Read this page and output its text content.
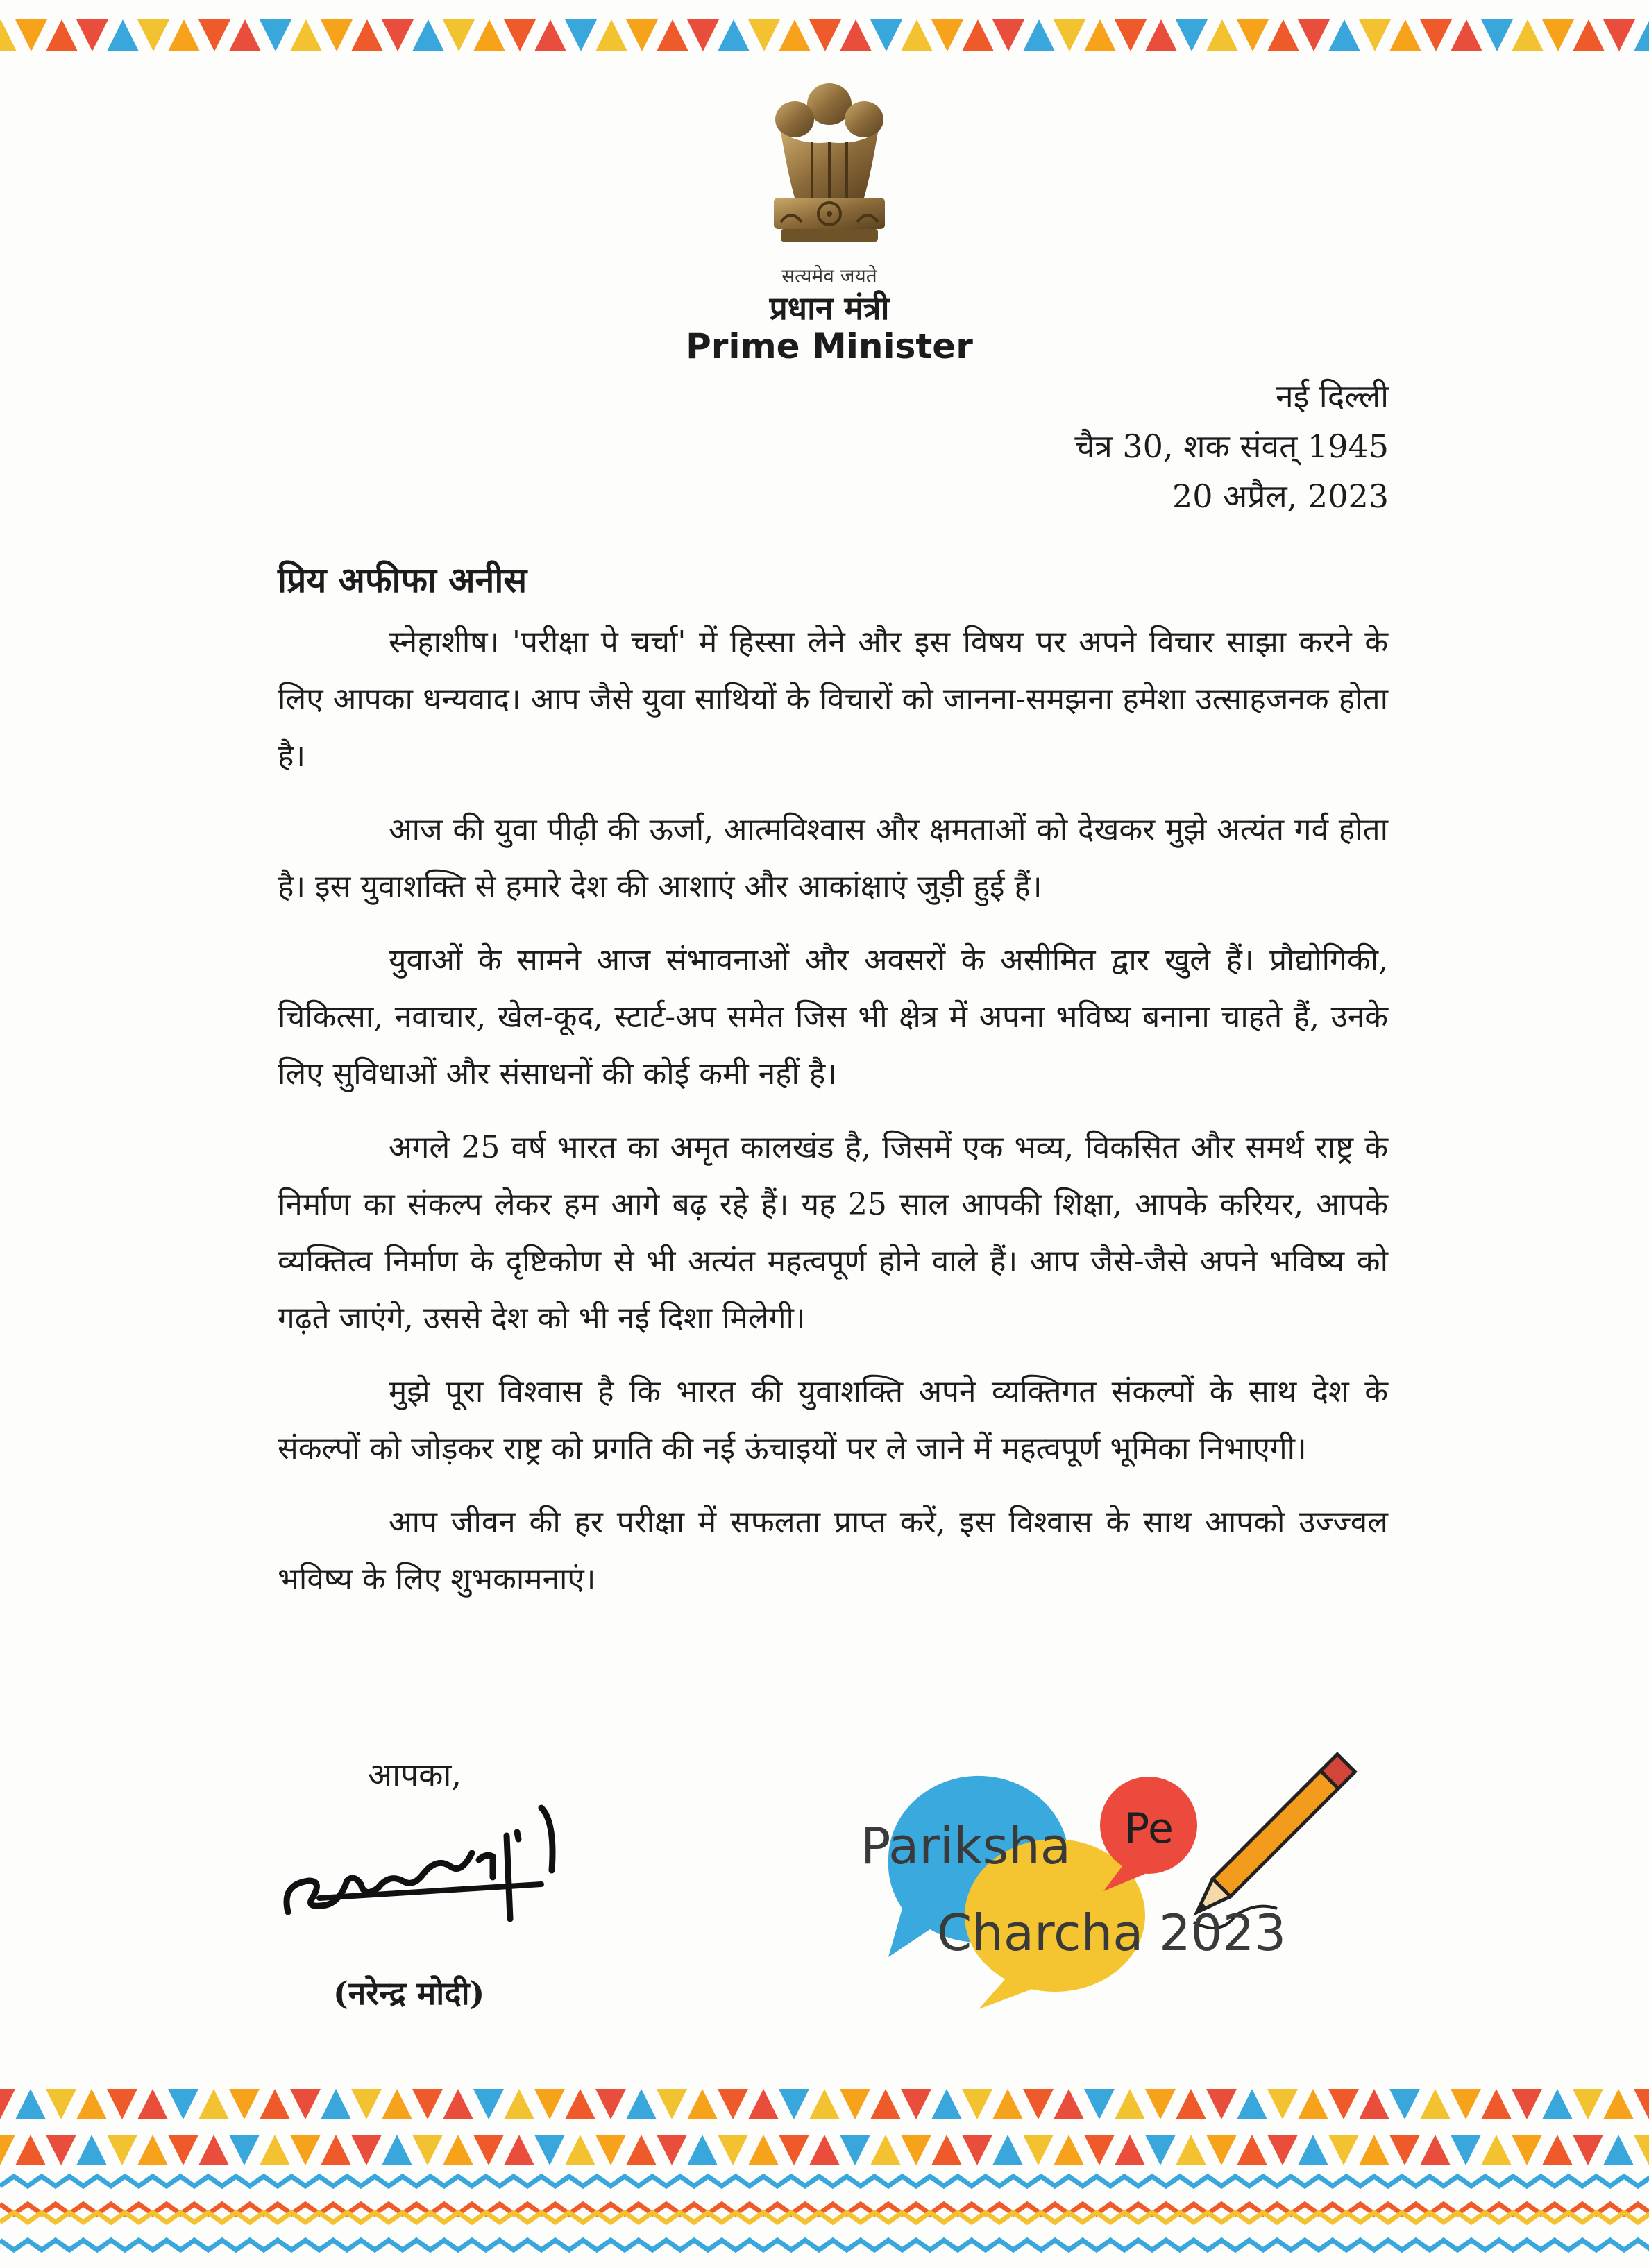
सत्यमेव जयते
प्रधान मंत्री
Prime Minister
नई दिल्ली
चैत्र 30, शक संवत् 1945
20 अप्रैल, 2023

प्रिय अफीफा अनीस

स्नेहाशीष। 'परीक्षा पे चर्चा' में हिस्सा लेने और इस विषय पर अपने विचार साझा करने के लिए आपका धन्यवाद। आप जैसे युवा साथियों के विचारों को जानना-समझना हमेशा उत्साहजनक होता है।

आज की युवा पीढ़ी की ऊर्जा, आत्मविश्वास और क्षमताओं को देखकर मुझे अत्यंत गर्व होता है। इस युवाशक्ति से हमारे देश की आशाएं और आकांक्षाएं जुड़ी हुई हैं।

युवाओं के सामने आज संभावनाओं और अवसरों के असीमित द्वार खुले हैं। प्रौद्योगिकी, चिकित्सा, नवाचार, खेल-कूद, स्टार्ट-अप समेत जिस भी क्षेत्र में अपना भविष्य बनाना चाहते हैं, उनके लिए सुविधाओं और संसाधनों की कोई कमी नहीं है।

अगले 25 वर्ष भारत का अमृत कालखंड है, जिसमें एक भव्य, विकसित और समर्थ राष्ट्र के निर्माण का संकल्प लेकर हम आगे बढ़ रहे हैं। यह 25 साल आपकी शिक्षा, आपके करियर, आपके व्यक्तित्व निर्माण के दृष्टिकोण से भी अत्यंत महत्वपूर्ण होने वाले हैं। आप जैसे-जैसे अपने भविष्य को गढ़ते जाएंगे, उससे देश को भी नई दिशा मिलेगी।

मुझे पूरा विश्वास है कि भारत की युवाशक्ति अपने व्यक्तिगत संकल्पों के साथ देश के संकल्पों को जोड़कर राष्ट्र को प्रगति की नई ऊंचाइयों पर ले जाने में महत्वपूर्ण भूमिका निभाएगी।

आप जीवन की हर परीक्षा में सफलता प्राप्त करें, इस विश्वास के साथ आपको उज्ज्वल भविष्य के लिए शुभकामनाएं।

आपका,
(नरेन्द्र मोदी)
Pariksha Pe
Charcha 2023
